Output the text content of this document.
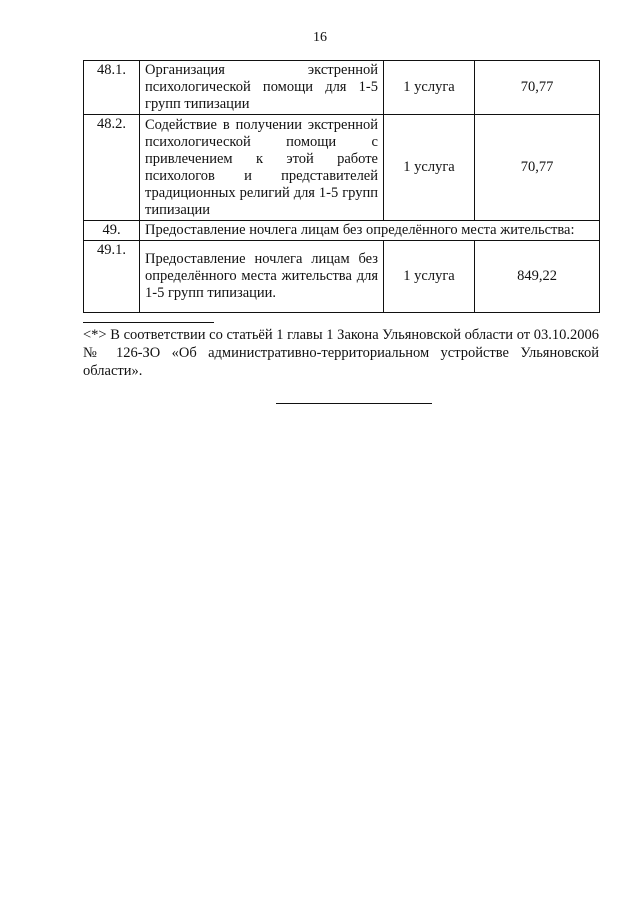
16
48.1.	Организация экстренной психологической помощи для 1-5 групп типизации	1 услуга	70,77
48.2.	Содействие в получении экстренной психологической помощи с привлечением к этой работе психологов и представителей традиционных религий для 1-5 групп типизации	1 услуга	70,77
49.	Предоставление ночлега лицам без определённого места жительства:		
49.1.	Предоставление ночлега лицам без определённого места жительства для 1-5 групп типизации.	1 услуга	849,22
<*> В соответствии со статьёй 1 главы 1 Закона Ульяновской области от 03.10.2006 № 126-ЗО «Об административно-территориальном устройстве Ульяновской области».
